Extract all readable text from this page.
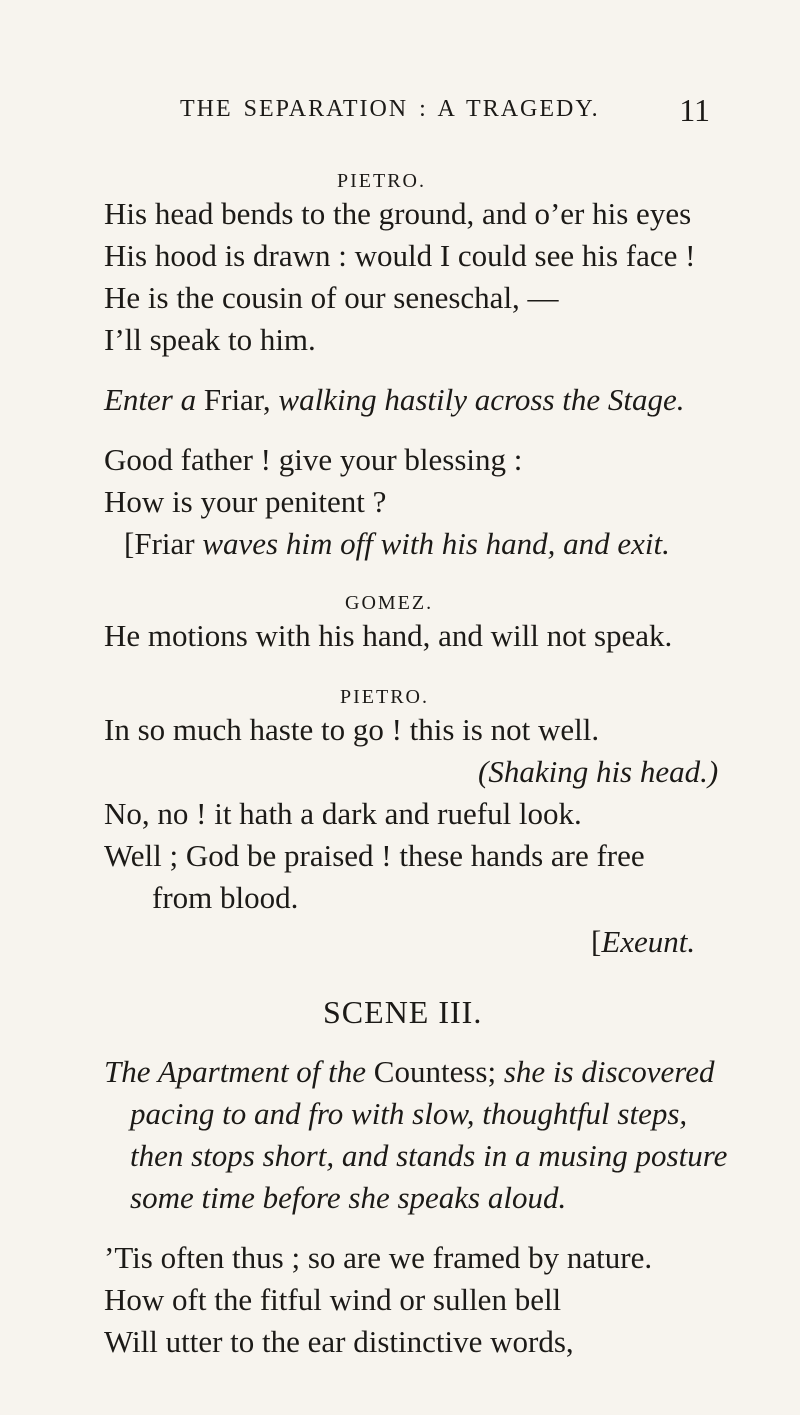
THE SEPARATION : A TRAGEDY. 11
PIETRO.
His head bends to the ground, and o’er his eyes
His hood is drawn : would I could see his face !
He is the cousin of our seneschal, —
I’ll speak to him.
Enter a Friar, walking hastily across the Stage.
Good father ! give your blessing :
How is your penitent ?
[Friar waves him off with his hand, and exit.
GOMEZ.
He motions with his hand, and will not speak.
PIETRO.
In so much haste to go ! this is not well.
(Shaking his head.)
No, no ! it hath a dark and rueful look.
Well ; God be praised ! these hands are free
from blood.
[Exeunt.
SCENE III.
The Apartment of the Countess; she is discovered
pacing to and fro with slow, thoughtful steps,
then stops short, and stands in a musing posture
some time before she speaks aloud.
’Tis often thus ; so are we framed by nature.
How oft the fitful wind or sullen bell
Will utter to the ear distinctive words,
